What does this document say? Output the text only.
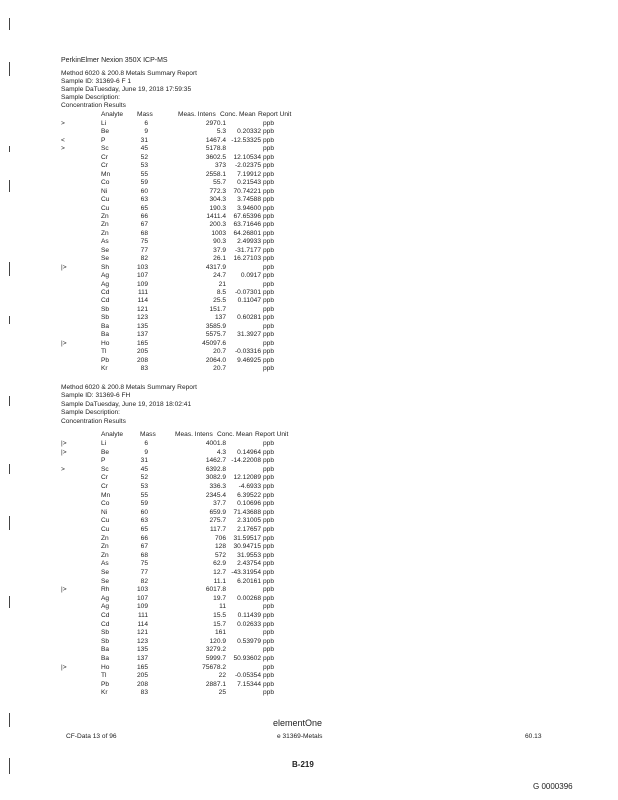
PerkinElmer Nexion 350X ICP-MS
Method 6020 & 200.8 Metals Summary Report
Sample ID: 31369-6 F 1
Sample DaTuesday, June 19, 2018 17:59:35
Sample Description:
Concentration Results
Analyte Mass	Meas. Intens Conc. Mean Report Unit
>	Li	6	2970.1	ppb
Be	9	5.3 0.20332 ppb
<	P	31	1467.4 -12.53325 ppb
>	Sc	45	5178.8	ppb
Cr	52	3602.5 12.10534 ppb
Cr	53	373 -2.02375 ppb
Mn	55	2558.1 7.19912 ppb
Co	59	55.7 0.21543 ppb
Ni	60	772.3 70.74221 ppb
Cu	63	304.3 3.74588 ppb
Cu	65	190.3 3.94600 ppb
Zn	66	1411.4 67.65396 ppb
Zn	67	200.3 63.71646 ppb
Zn	68	1003 64.26801 ppb
As	75	90.3 2.49933 ppb
Se	77	37.9 -31.7177 ppb
Se	82	26.1 16.27103 ppb
|>	Sh	103	4317.9	ppb
Ag	107	24.7 0.0917 ppb
Ag	109	21	ppb
Cd	111	8.5 -0.07301 ppb
Cd	114	25.5 0.11047 ppb
Sb	121	151.7	ppb
Sb	123	137 0.60281 ppb
Ba	135	3585.9	ppb
Ba	137	5575.7 31.3927 ppb
|>	Ho	165	45097.6	ppb
Tl	205	20.7 -0.03316 ppb
Pb	208	2064.0 9.46925 ppb
Kr	83	20.7	ppb
Method 6020 & 200.8 Metals Summary Report
Sample ID: 31369-6 FH
Sample DaTuesday, June 19, 2018 18:02:41
Sample Description:
Concentration Results
Analyte	Mass	Meas. Intens Conc. Mean Report Unit
|>	Li	6	4001.8	ppb
|>	Be	9	4.3 0.14964 ppb
P	31	1462.7 -14.22008 ppb
>	Sc	45	6392.8	ppb
Cr	52	3082.9 12.12089 ppb
Cr	53	336.3 -4.6933 ppb
Mn	55	2345.4 6.39522 ppb
Co	59	37.7 0.10696 ppb
Ni	60	659.9 71.43688 ppb
Cu	63	275.7 2.31005 ppb
Cu	65	117.7 2.17657 ppb
Zn	66	706 31.59517 ppb
Zn	67	128 30.94715 ppb
Zn	68	572 31.9553 ppb
As	75	62.9 2.43754 ppb
Se	77	12.7 -43.31954 ppb
Se	82	11.1 6.20161 ppb
|>	Rh	103	6017.8	ppb
Ag	107	19.7 0.00268 ppb
Ag	109	11	ppb
Cd	111	15.5 0.11439 ppb
Cd	114	15.7 0.02633 ppb
Sb	121	161	ppb
Sb	123	120.9 0.53979 ppb
Ba	135	3279.2	ppb
Ba	137	5999.7 50.93602 ppb
|>	Ho	165	75678.2	ppb
Tl	205	22 -0.05354 ppb
Pb	208	2887.1 7.15344 ppb
Kr	83	25	ppb
elementOne
CF-Data 13 of 96	e 31369-Metals	60.13
B-219
G 0000396
